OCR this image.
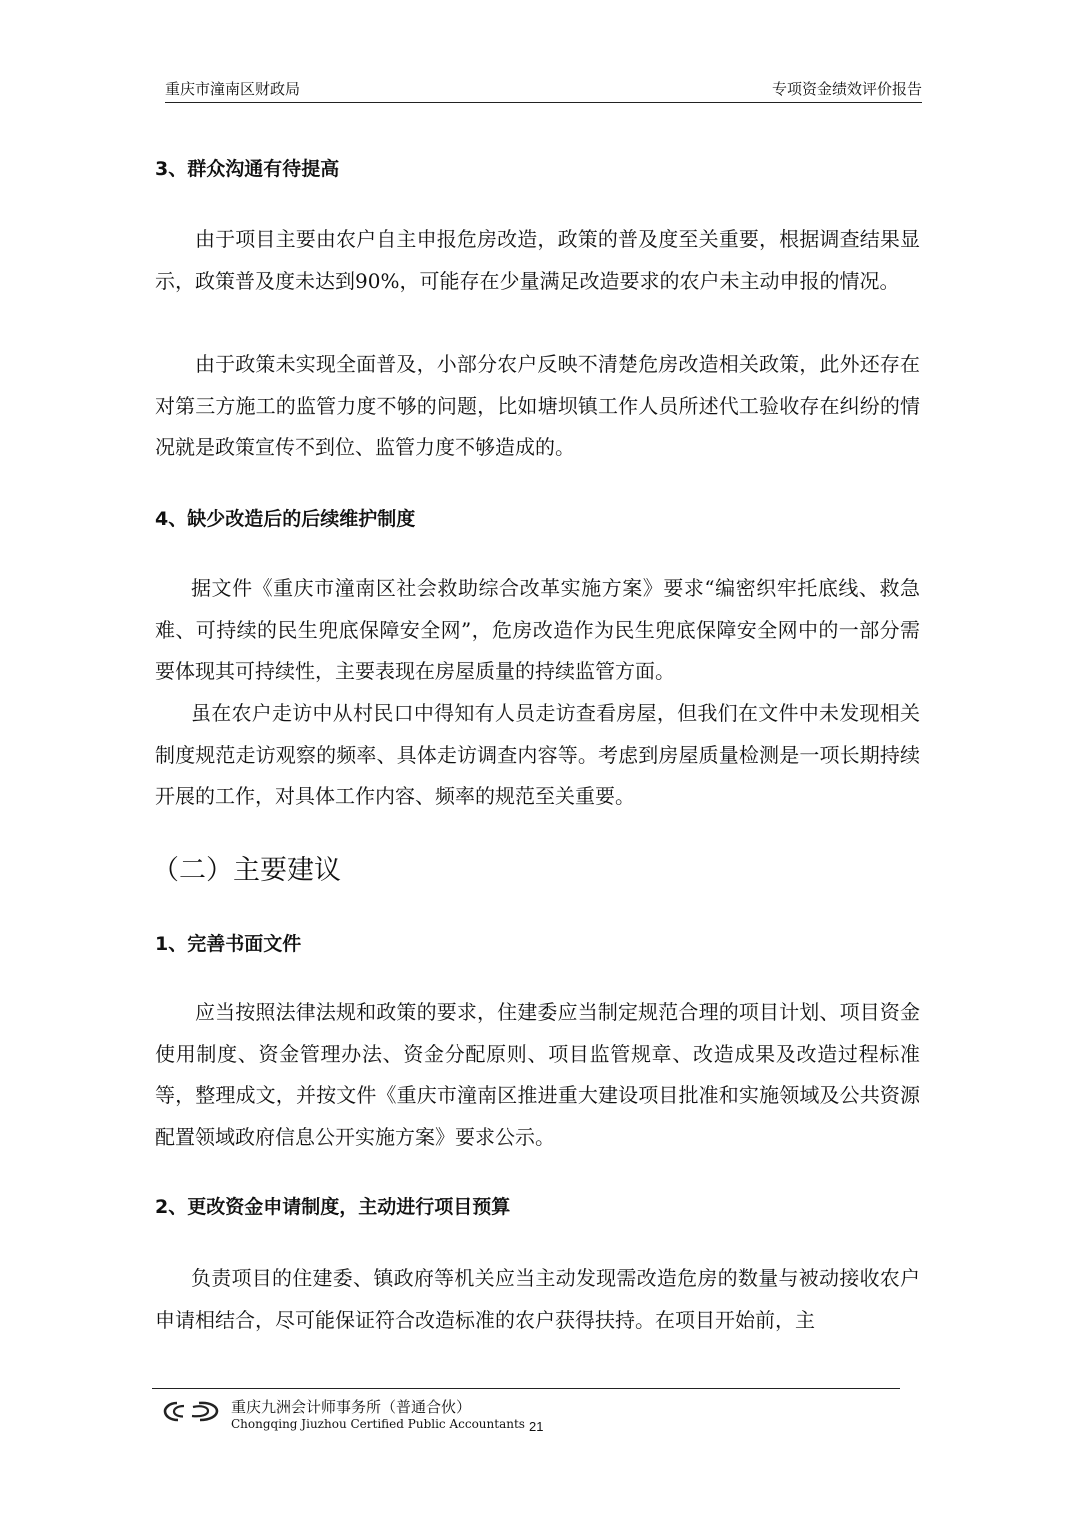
重庆市潼南区财政局	专项资金绩效评价报告
3、群众沟通有待提高

由于项目主要由农户自主申报危房改造，政策的普及度至关重要，根据调查结果显示，政策普及度未达到90%，可能存在少量满足改造要求的农户未主动申报的情况。

由于政策未实现全面普及，小部分农户反映不清楚危房改造相关政策，此外还存在对第三方施工的监管力度不够的问题，比如塘坝镇工作人员所述代工验收存在纠纷的情况就是政策宣传不到位、监管力度不够造成的。

4、缺少改造后的后续维护制度

据文件《重庆市潼南区社会救助综合改革实施方案》要求“编密织牢托底线、救急难、可持续的民生兜底保障安全网”，危房改造作为民生兜底保障安全网中的一部分需要体现其可持续性，主要表现在房屋质量的持续监管方面。

虽在农户走访中从村民口中得知有人员走访查看房屋，但我们在文件中未发现相关制度规范走访观察的频率、具体走访调查内容等。考虑到房屋质量检测是一项长期持续开展的工作，对具体工作内容、频率的规范至关重要。

（二）主要建议
1、完善书面文件

应当按照法律法规和政策的要求，住建委应当制定规范合理的项目计划、项目资金使用制度、资金管理办法、资金分配原则、项目监管规章、改造成果及改造过程标准等，整理成文，并按文件《重庆市潼南区推进重大建设项目批准和实施领域及公共资源配置领域政府信息公开实施方案》要求公示。

2、更改资金申请制度，主动进行项目预算

负责项目的住建委、镇政府等机关应当主动发现需改造危房的数量与被动接收农户申请相结合，尽可能保证符合改造标准的农户获得扶持。在项目开始前，主

重庆九洲会计师事务所（普通合伙）
Chongqing Jiuzhou Certified Public Accountants 21
